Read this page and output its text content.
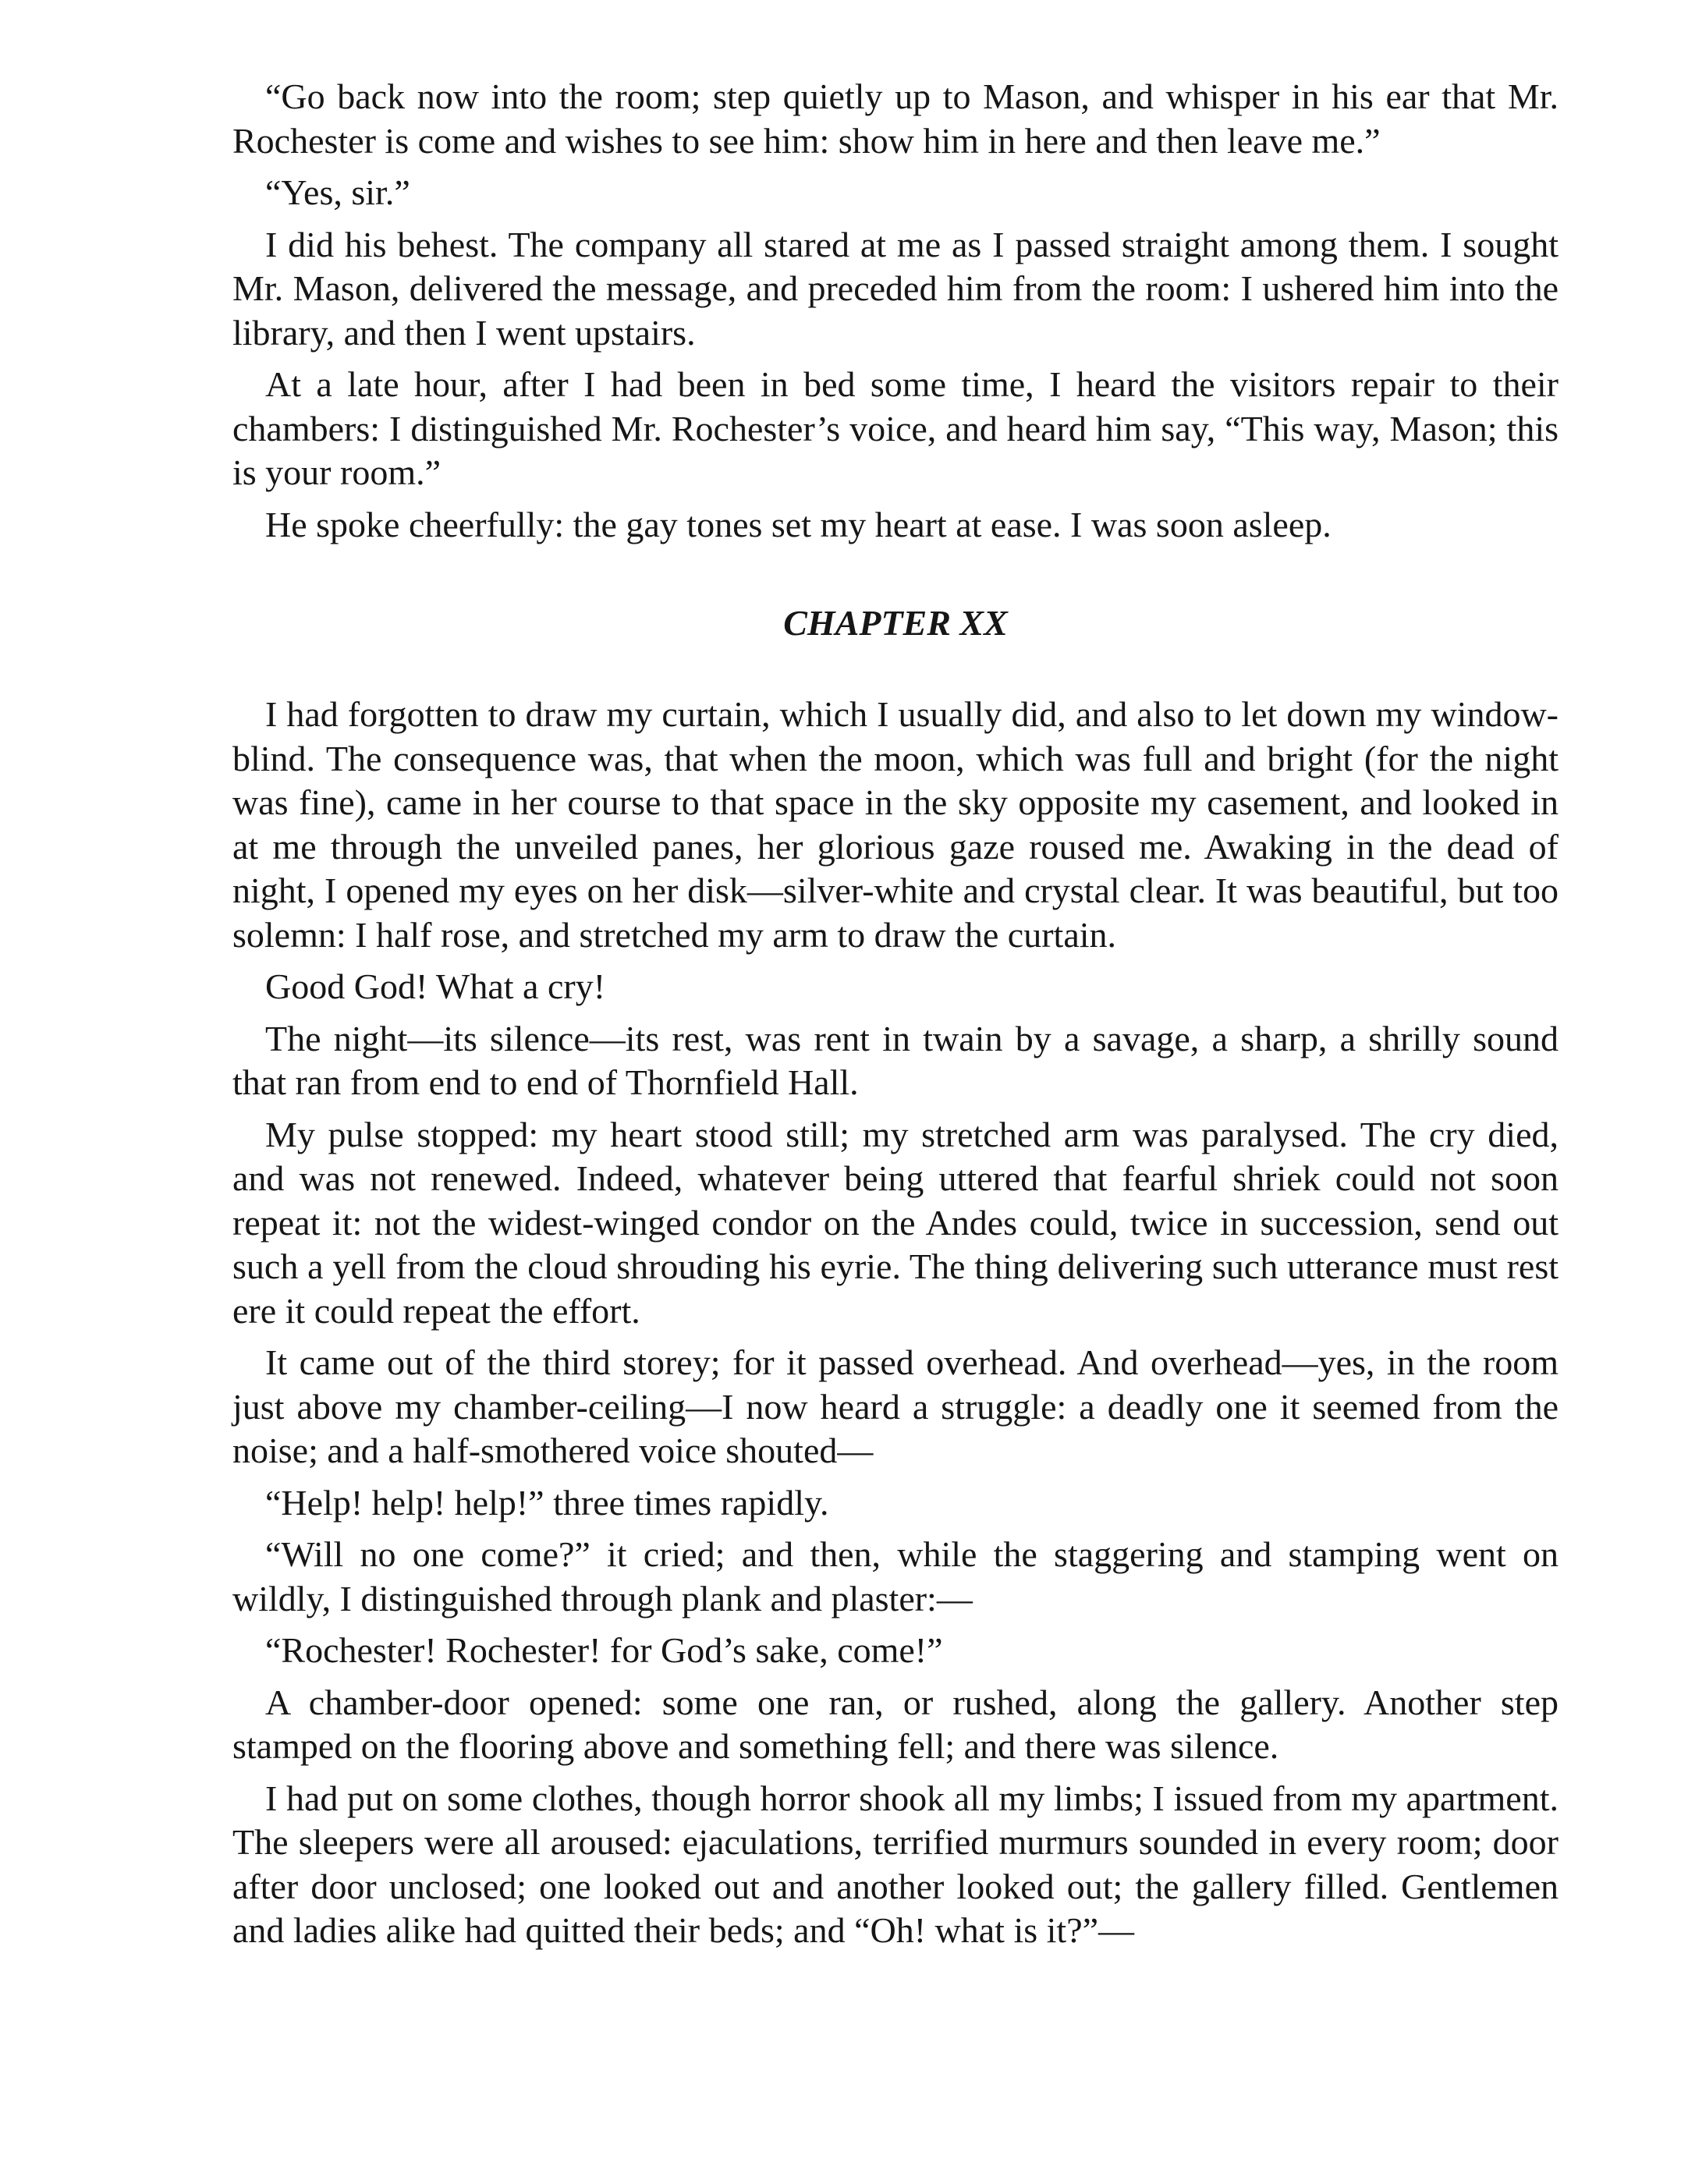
“Go back now into the room; step quietly up to Mason, and whisper in his ear that Mr. Rochester is come and wishes to see him: show him in here and then leave me.”

“Yes, sir.”

I did his behest. The company all stared at me as I passed straight among them. I sought Mr. Mason, delivered the message, and preceded him from the room: I ushered him into the library, and then I went upstairs.

At a late hour, after I had been in bed some time, I heard the visitors repair to their chambers: I distinguished Mr. Rochester’s voice, and heard him say, “This way, Mason; this is your room.”

He spoke cheerfully: the gay tones set my heart at ease. I was soon asleep.

CHAPTER XX

I had forgotten to draw my curtain, which I usually did, and also to let down my window-blind. The consequence was, that when the moon, which was full and bright (for the night was fine), came in her course to that space in the sky opposite my casement, and looked in at me through the unveiled panes, her glorious gaze roused me. Awaking in the dead of night, I opened my eyes on her disk—silver-white and crystal clear. It was beautiful, but too solemn: I half rose, and stretched my arm to draw the curtain.

Good God! What a cry!

The night—its silence—its rest, was rent in twain by a savage, a sharp, a shrilly sound that ran from end to end of Thornfield Hall.

My pulse stopped: my heart stood still; my stretched arm was paralysed. The cry died, and was not renewed. Indeed, whatever being uttered that fearful shriek could not soon repeat it: not the widest-winged condor on the Andes could, twice in succession, send out such a yell from the cloud shrouding his eyrie. The thing delivering such utterance must rest ere it could repeat the effort.

It came out of the third storey; for it passed overhead. And overhead—yes, in the room just above my chamber-ceiling—I now heard a struggle: a deadly one it seemed from the noise; and a half-smothered voice shouted—

“Help! help! help!” three times rapidly.

“Will no one come?” it cried; and then, while the staggering and stamping went on wildly, I distinguished through plank and plaster:—

“Rochester! Rochester! for God’s sake, come!”

A chamber-door opened: some one ran, or rushed, along the gallery. Another step stamped on the flooring above and something fell; and there was silence.

I had put on some clothes, though horror shook all my limbs; I issued from my apartment. The sleepers were all aroused: ejaculations, terrified murmurs sounded in every room; door after door unclosed; one looked out and another looked out; the gallery filled. Gentlemen and ladies alike had quitted their beds; and “Oh! what is it?”—
